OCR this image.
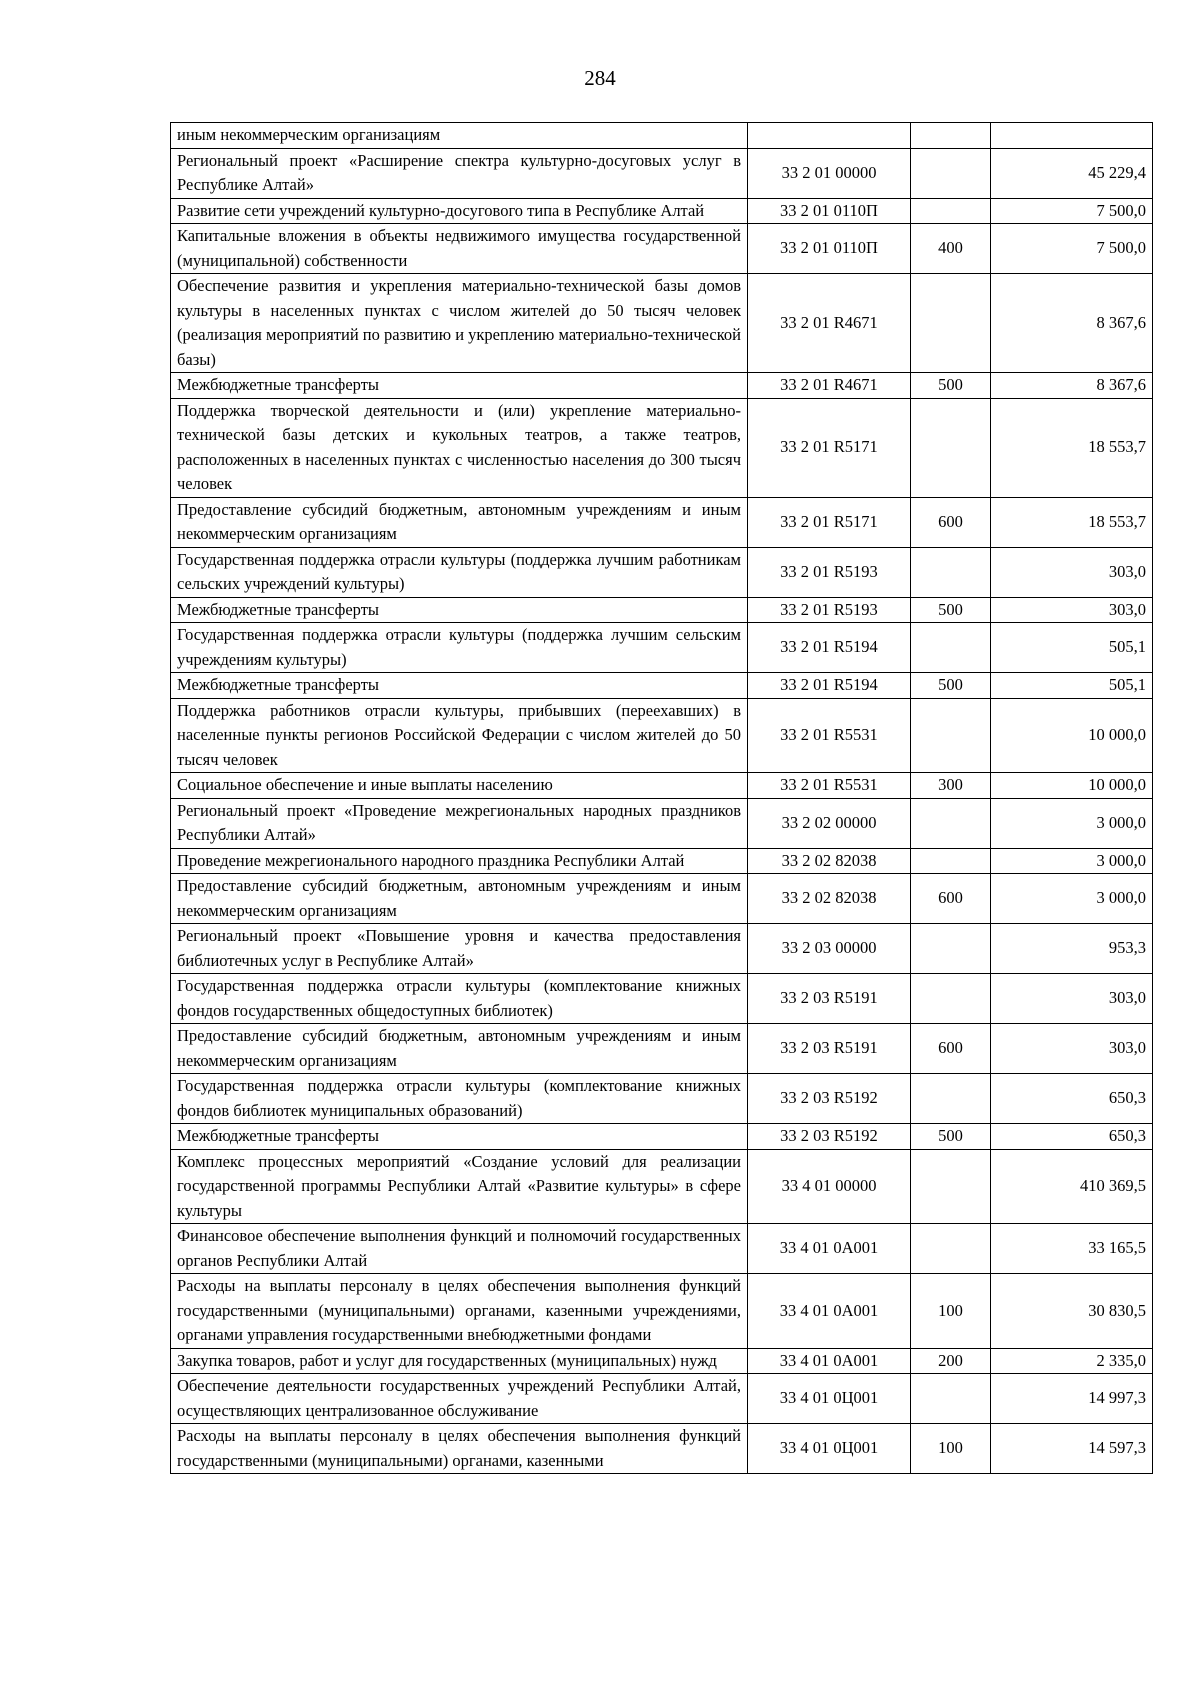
284
иным некоммерческим организациям			
Региональный проект «Расширение спектра культурно-досуговых услуг в Республике Алтай»	33 2 01 00000		45 229,4
Развитие сети учреждений культурно-досугового типа в Республике Алтай	33 2 01 0110П		7 500,0
Капитальные вложения в объекты недвижимого имущества государственной (муниципальной) собственности	33 2 01 0110П	400	7 500,0
Обеспечение развития и укрепления материально-технической базы домов культуры в населенных пунктах с числом жителей до 50 тысяч человек (реализация мероприятий по развитию и укреплению материально-технической базы)	33 2 01 R4671		8 367,6
Межбюджетные трансферты	33 2 01 R4671	500	8 367,6
Поддержка творческой деятельности и (или) укрепление материально-технической базы детских и кукольных театров, а также театров, расположенных в населенных пунктах с численностью населения до 300 тысяч человек	33 2 01 R5171		18 553,7
Предоставление субсидий бюджетным, автономным учреждениям и иным некоммерческим организациям	33 2 01 R5171	600	18 553,7
Государственная поддержка отрасли культуры (поддержка лучшим работникам сельских учреждений культуры)	33 2 01 R5193		303,0
Межбюджетные трансферты	33 2 01 R5193	500	303,0
Государственная поддержка отрасли культуры (поддержка лучшим сельским учреждениям культуры)	33 2 01 R5194		505,1
Межбюджетные трансферты	33 2 01 R5194	500	505,1
Поддержка работников отрасли культуры, прибывших (переехавших) в населенные пункты регионов Российской Федерации с числом жителей до 50 тысяч человек	33 2 01 R5531		10 000,0
Социальное обеспечение и иные выплаты населению	33 2 01 R5531	300	10 000,0
Региональный проект «Проведение межрегиональных народных праздников Республики Алтай»	33 2 02 00000		3 000,0
Проведение межрегионального народного праздника Республики Алтай	33 2 02 82038		3 000,0
Предоставление субсидий бюджетным, автономным учреждениям и иным некоммерческим организациям	33 2 02 82038	600	3 000,0
Региональный проект «Повышение уровня и качества предоставления библиотечных услуг в Республике Алтай»	33 2 03 00000		953,3
Государственная поддержка отрасли культуры (комплектование книжных фондов государственных общедоступных библиотек)	33 2 03 R5191		303,0
Предоставление субсидий бюджетным, автономным учреждениям и иным некоммерческим организациям	33 2 03 R5191	600	303,0
Государственная поддержка отрасли культуры (комплектование книжных фондов библиотек муниципальных образований)	33 2 03 R5192		650,3
Межбюджетные трансферты	33 2 03 R5192	500	650,3
Комплекс процессных мероприятий «Создание условий для реализации государственной программы Республики Алтай «Развитие культуры» в сфере культуры	33 4 01 00000		410 369,5
Финансовое обеспечение выполнения функций и полномочий государственных органов Республики Алтай	33 4 01 0А001		33 165,5
Расходы на выплаты персоналу в целях обеспечения выполнения функций государственными (муниципальными) органами, казенными учреждениями, органами управления государственными внебюджетными фондами	33 4 01 0А001	100	30 830,5
Закупка товаров, работ и услуг для государственных (муниципальных) нужд	33 4 01 0А001	200	2 335,0
Обеспечение деятельности государственных учреждений Республики Алтай, осуществляющих централизованное обслуживание	33 4 01 0Ц001		14 997,3
Расходы на выплаты персоналу в целях обеспечения выполнения функций государственными (муниципальными) органами, казенными	33 4 01 0Ц001	100	14 597,3
